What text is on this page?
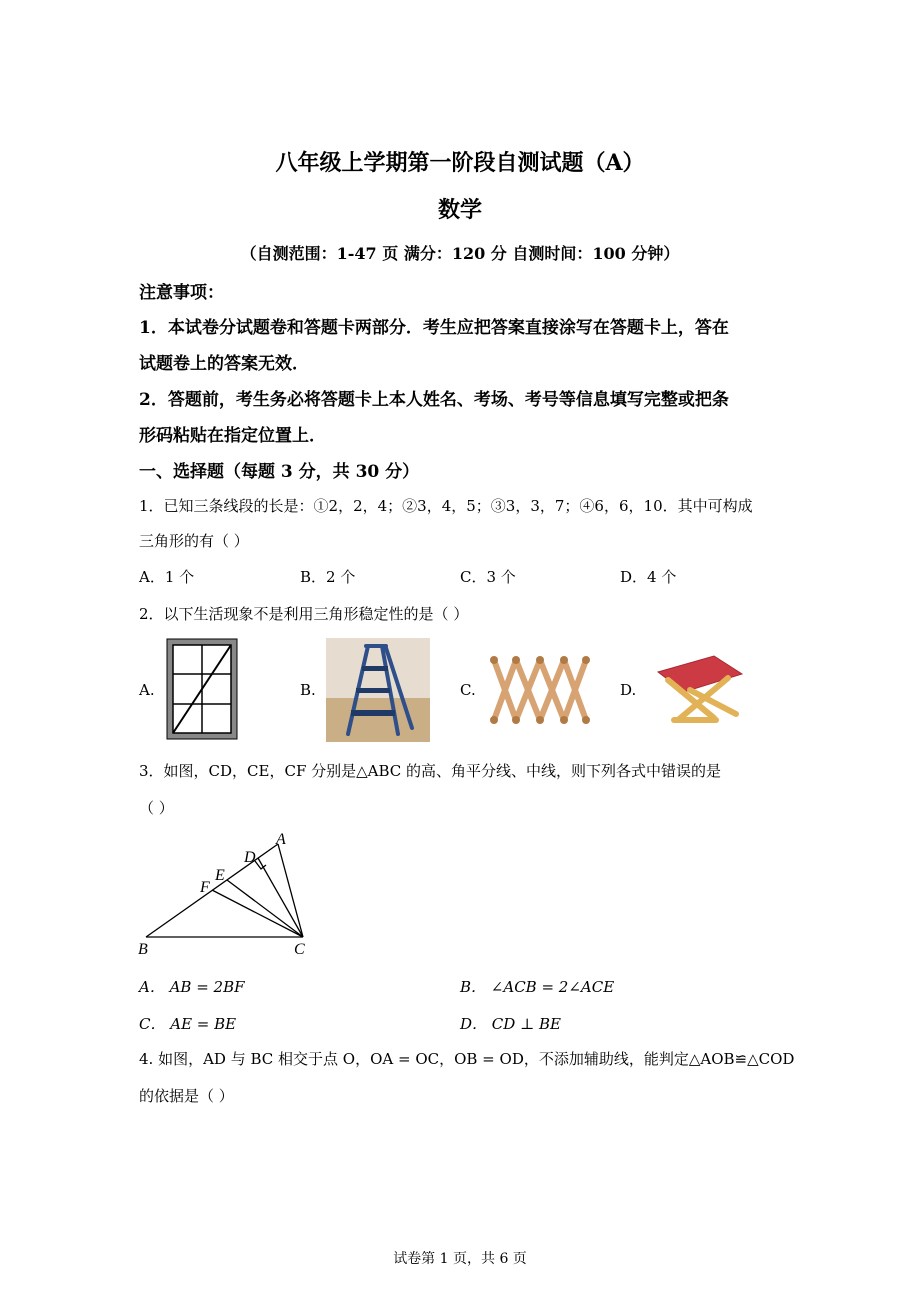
八年级上学期第一阶段自测试题（A）
数学
（自测范围：1-47 页 满分：120 分 自测时间：100 分钟）
注意事项：
1．本试卷分试题卷和答题卡两部分．考生应把答案直接涂写在答题卡上，答在
试题卷上的答案无效．
2．答题前，考生务必将答题卡上本人姓名、考场、考号等信息填写完整或把条
形码粘贴在指定位置上．
一、选择题（每题 3 分，共 30 分）
1．已知三条线段的长是：①2，2，4；②3，4，5；③3，3，7；④6，6，10．其中可构成
三角形的有（ ）
A．1 个	B．2 个	C．3 个	D．4 个
2．以下生活现象不是利用三角形稳定性的是（ ）
A.	B.	C.	D.
3．如图，CD，CE，CF 分别是△ABC 的高、角平分线、中线，则下列各式中错误的是
（ ）
A
D
E
F
B	C
A． AB = 2BF	B． ∠ACB = 2∠ACE
C． AE = BE	D． CD ⊥ BE
4. 如图，AD 与 BC 相交于点 O，OA = OC，OB = OD，不添加辅助线，能判定△AOB≌△COD
的依据是（ ）
试卷第 1 页，共 6 页
